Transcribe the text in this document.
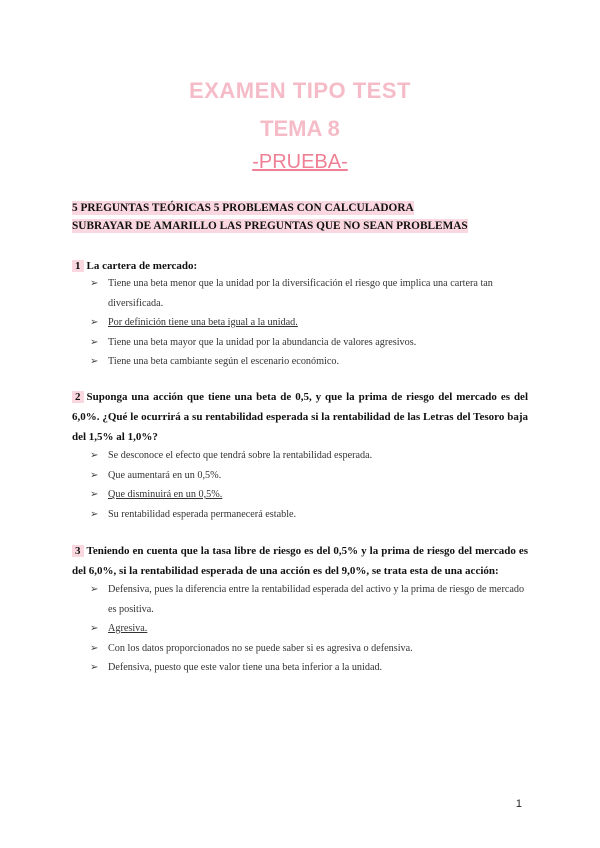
EXAMEN TIPO TEST
TEMA 8
-PRUEBA-
5 PREGUNTAS TEÓRICAS 5 PROBLEMAS CON CALCULADORA
SUBRAYAR DE AMARILLO LAS PREGUNTAS QUE NO SEAN PROBLEMAS
1 La cartera de mercado:
➢ Tiene una beta menor que la unidad por la diversificación el riesgo que implica una cartera tan diversificada.
➢ Por definición tiene una beta igual a la unidad.
➢ Tiene una beta mayor que la unidad por la abundancia de valores agresivos.
➢ Tiene una beta cambiante según el escenario económico.
2 Suponga una acción que tiene una beta de 0,5, y que la prima de riesgo del mercado es del 6,0%. ¿Qué le ocurrirá a su rentabilidad esperada si la rentabilidad de las Letras del Tesoro baja del 1,5% al 1,0%?
➢ Se desconoce el efecto que tendrá sobre la rentabilidad esperada.
➢ Que aumentará en un 0,5%.
➢ Que disminuirá en un 0,5%.
➢ Su rentabilidad esperada permanecerá estable.
3 Teniendo en cuenta que la tasa libre de riesgo es del 0,5% y la prima de riesgo del mercado es del 6,0%, si la rentabilidad esperada de una acción es del 9,0%, se trata esta de una acción:
➢ Defensiva, pues la diferencia entre la rentabilidad esperada del activo y la prima de riesgo de mercado es positiva.
➢ Agresiva.
➢ Con los datos proporcionados no se puede saber si es agresiva o defensiva.
➢ Defensiva, puesto que este valor tiene una beta inferior a la unidad.
1
